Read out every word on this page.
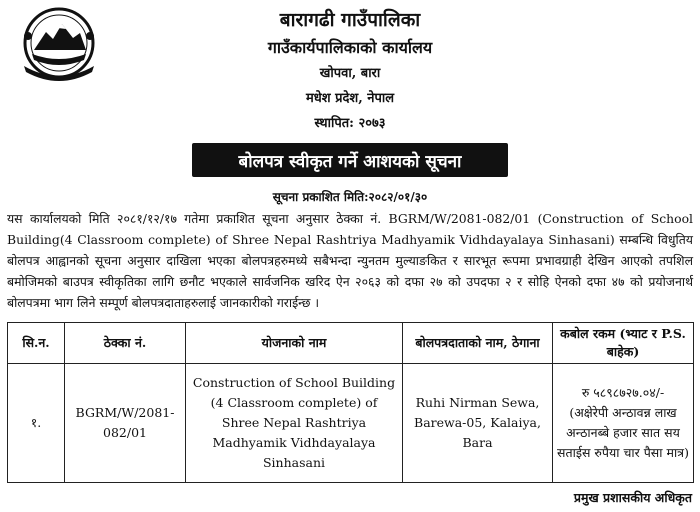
बारागढी गाउँपालिका
गाउँकार्यपालिकाको कार्यालय
खोपवा, बारा
मधेश प्रदेश, नेपाल
स्थापित: २०७३
बोलपत्र स्वीकृत गर्ने आशयको सूचना
सूचना प्रकाशित मिति:२०८२/०१/३०
यस कार्यालयको मिति २०८१/१२/१७ गतेमा प्रकाशित सूचना अनुसार ठेक्का नं. BGRM/W/2081-082/01 (Construction of School Building(4 Classroom complete) of Shree Nepal Rashtriya Madhyamik Vidhdayalaya Sinhasani) सम्बन्धि विधुतिय बोलपत्र आह्वानको सूचना अनुसार दाखिला भएका बोलपत्रहरुमध्ये सबैभन्दा न्युनतम मुल्याङकित र सारभूत रूपमा प्रभावग्राही देखिन आएको तपशिल बमोजिमको बाउपत्र स्वीकृतिका लागि छनौट भएकाले सार्वजनिक खरिद ऐन २०६३ को दफा २७ को उपदफा २ र सोहि ऐनको दफा ४७ को प्रयोजनार्थ बोलपत्रमा भाग लिने सम्पूर्ण बोलपत्रदाताहरुलाई जानकारीको गराईन्छ ।
सि.न.	ठेक्का नं.	योजनाको नाम	बोलपत्रदाताको नाम, ठेगाना	कबोल रकम (भ्याट र P.S. बाहेक)
१.	BGRM/W/2081-082/01	Construction of School Building (4 Classroom complete) of Shree Nepal Rashtriya Madhyamik Vidhdayalaya Sinhasani	Ruhi Nirman Sewa, Barewa-05, Kalaiya, Bara	रु ५८९८७२७.०४/-
(अक्षेरेपी अन्ठावन्न लाख अन्ठानब्बे हजार सात सय सताईस रुपैया चार पैसा मात्र)
प्रमुख प्रशासकीय अधिकृत
